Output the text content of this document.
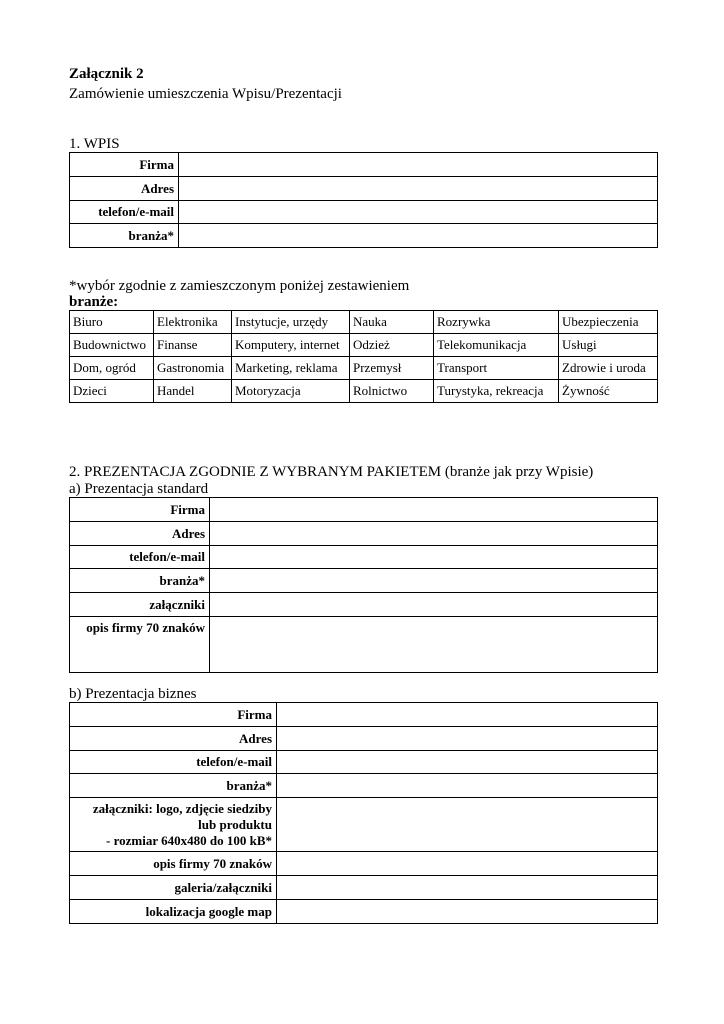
Załącznik 2
Zamówienie umieszczenia Wpisu/Prezentacji
1. WPIS
Firma	
Adres	
telefon/e-mail	
branża*	
*wybór zgodnie z zamieszczonym poniżej zestawieniem
branże:
Biuro	Elektronika	Instytucje, urzędy	Nauka	Rozrywka	Ubezpieczenia
Budownictwo	Finanse	Komputery, internet	Odzież	Telekomunikacja	Usługi
Dom, ogród	Gastronomia	Marketing, reklama	Przemysł	Transport	Zdrowie i uroda
Dzieci	Handel	Motoryzacja	Rolnictwo	Turystyka, rekreacja	Żywność
2. PREZENTACJA ZGODNIE Z WYBRANYM PAKIETEM (branże jak przy Wpisie)
a) Prezentacja standard
Firma	
Adres	
telefon/e-mail	
branża*	
załączniki	
opis firmy 70 znaków	
b) Prezentacja biznes
Firma	
Adres	
telefon/e-mail	
branża*	
załączniki: logo, zdjęcie siedziby
lub produktu
- rozmiar 640x480 do 100 kB*	
opis firmy 70 znaków	
galeria/załączniki	
lokalizacja google map	
